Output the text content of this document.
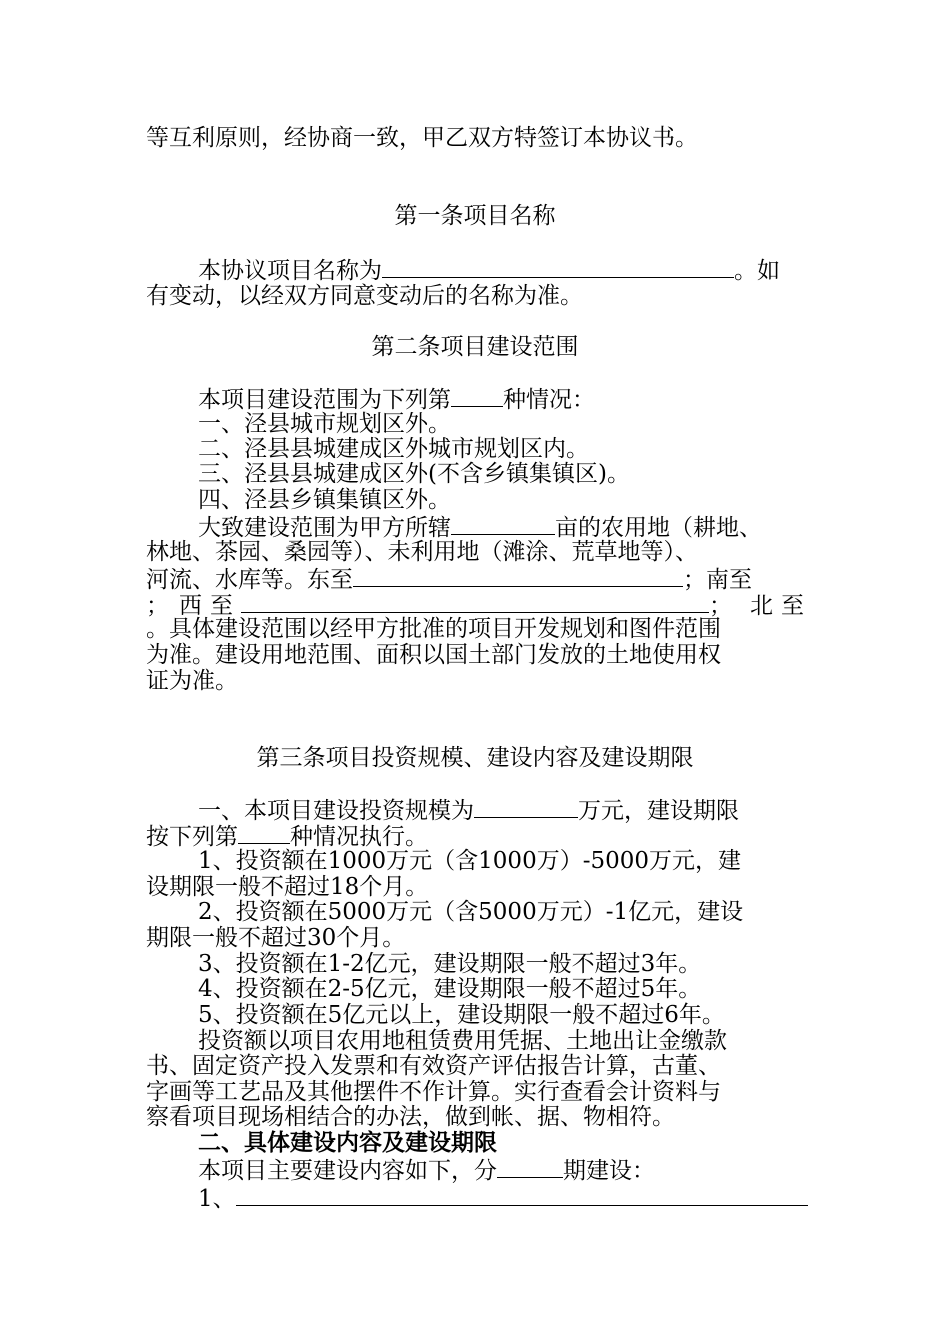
等互利原则，经协商一致，甲乙双方特签订本协议书。
第一条项目名称
本协议项目名称为	。如
有变动，以经双方同意变动后的名称为准。
第二条项目建设范围
本项目建设范围为下列第 种情况：
一、泾县城市规划区外。
二、泾县县城建成区外城市规划区内。
三、泾县县城建成区外(不含乡镇集镇区)。
四、泾县乡镇集镇区外。
大致建设范围为甲方所辖	亩的农用地（耕地、
林地、茶园、桑园等）、未利用地（滩涂、荒草地等）、
河流、水库等。东至	；南至
； 西至	； 北至
。具体建设范围以经甲方批准的项目开发规划和图件范围
为准。建设用地范围、面积以国土部门发放的土地使用权
证为准。
第三条项目投资规模、建设内容及建设期限
一、本项目建设投资规模为	万元，建设期限
按下列第 种情况执行。
1、投资额在1000万元（含1000万）-5000万元，建
设期限一般不超过18个月。
2、投资额在5000万元（含5000万元）-1亿元，建设
期限一般不超过30个月。
3、投资额在1-2亿元，建设期限一般不超过3年。
4、投资额在2-5亿元，建设期限一般不超过5年。
5、投资额在5亿元以上，建设期限一般不超过6年。
投资额以项目农用地租赁费用凭据、土地出让金缴款
书、固定资产投入发票和有效资产评估报告计算，古董、
字画等工艺品及其他摆件不作计算。实行查看会计资料与
察看项目现场相结合的办法，做到帐、据、物相符。
二、具体建设内容及建设期限
本项目主要建设内容如下，分	期建设：
1、
